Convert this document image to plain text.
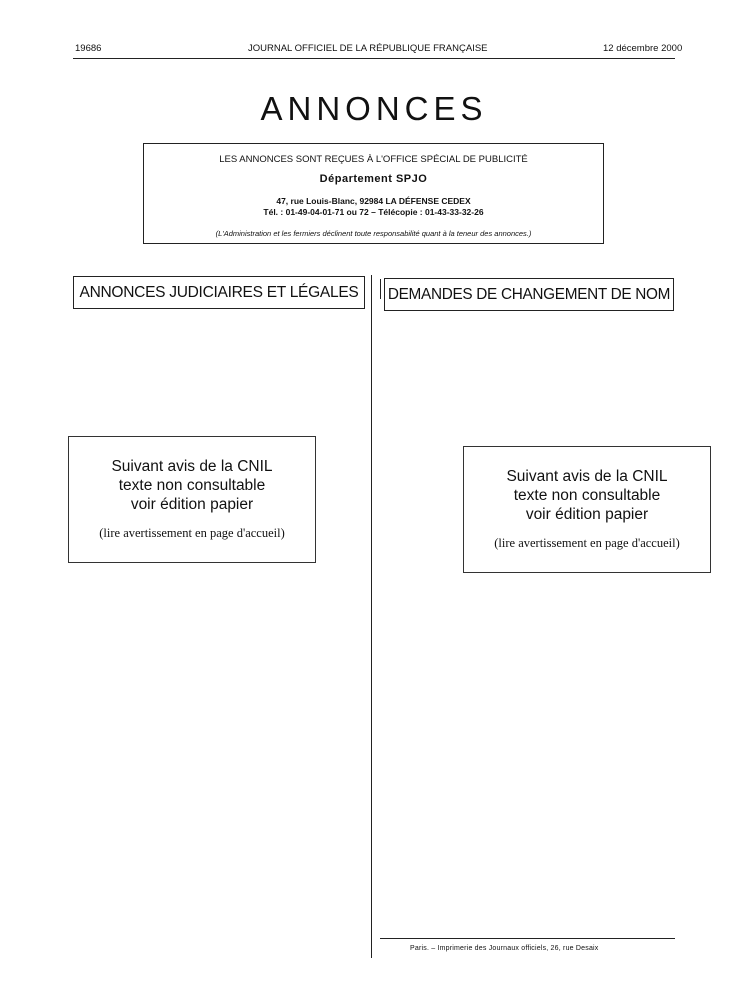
19686	JOURNAL OFFICIEL DE LA RÉPUBLIQUE FRANÇAISE	12 décembre 2000
ANNONCES
LES ANNONCES SONT REÇUES À L'OFFICE SPÉCIAL DE PUBLICITÉ
Département SPJO
47, rue Louis-Blanc, 92984 LA DÉFENSE CEDEX
Tél. : 01-49-04-01-71 ou 72 – Télécopie : 01-43-33-32-26
(L'Administration et les fermiers déclinent toute responsabilité quant à la teneur des annonces.)
ANNONCES JUDICIAIRES ET LÉGALES	DEMANDES DE CHANGEMENT DE NOM
Suivant avis de la CNIL
texte non consultable
voir édition papier
(lire avertissement en page d'accueil)
Suivant avis de la CNIL
texte non consultable
voir édition papier
(lire avertissement en page d'accueil)
Paris. – Imprimerie des Journaux officiels, 26, rue Desaix
